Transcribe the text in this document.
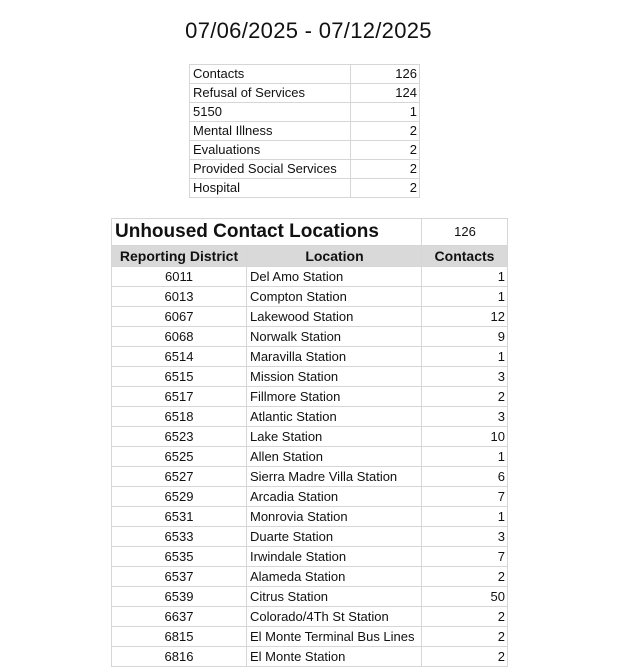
07/06/2025 - 07/12/2025
Contacts	126
Refusal of Services	124
5150	1
Mental Illness	2
Evaluations	2
Provided Social Services	2
Hospital	2
Unhoused Contact Locations		126
Reporting District	Location	Contacts
6011	Del Amo Station	1
6013	Compton Station	1
6067	Lakewood Station	12
6068	Norwalk Station	9
6514	Maravilla Station	1
6515	Mission Station	3
6517	Fillmore Station	2
6518	Atlantic Station	3
6523	Lake Station	10
6525	Allen Station	1
6527	Sierra Madre Villa Station	6
6529	Arcadia Station	7
6531	Monrovia Station	1
6533	Duarte Station	3
6535	Irwindale Station	7
6537	Alameda Station	2
6539	Citrus Station	50
6637	Colorado/4Th St Station	2
6815	El Monte Terminal Bus Lines	2
6816	El Monte Station	2
